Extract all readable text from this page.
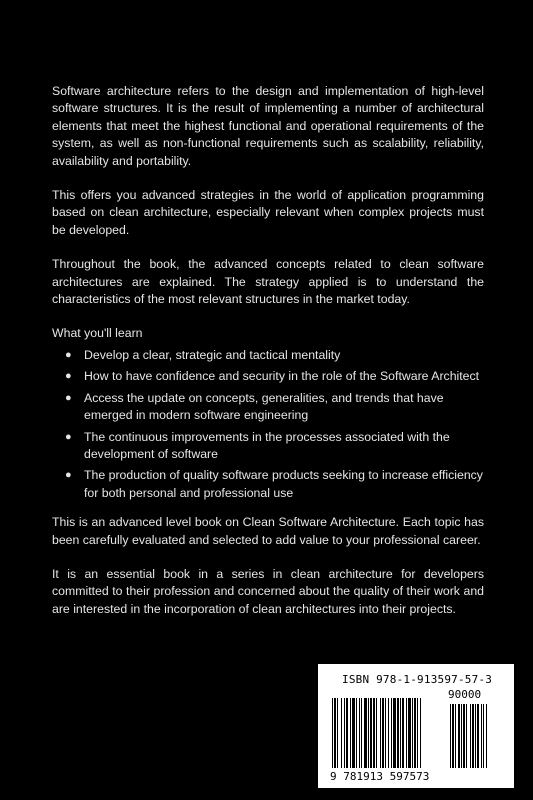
Software architecture refers to the design and implementation of high-level software structures. It is the result of implementing a number of architectural elements that meet the highest functional and operational requirements of the system, as well as non-functional requirements such as scalability, reliability, availability and portability.

This offers you advanced strategies in the world of application programming based on clean architecture, especially relevant when complex projects must be developed.

Throughout the book, the advanced concepts related to clean software architectures are explained. The strategy applied is to understand the characteristics of the most relevant structures in the market today.

What you'll learn

● Develop a clear, strategic and tactical mentality
● How to have confidence and security in the role of the Software Architect
● Access the update on concepts, generalities, and trends that have emerged in modern software engineering
● The continuous improvements in the processes associated with the development of software
● The production of quality software products seeking to increase efficiency for both personal and professional use

This is an advanced level book on Clean Software Architecture. Each topic has been carefully evaluated and selected to add value to your professional career.

It is an essential book in a series in clean architecture for developers committed to their profession and concerned about the quality of their work and are interested in the incorporation of clean architectures into their projects.

ISBN 978-1-913597-57-3
90000
9 781913 597573
